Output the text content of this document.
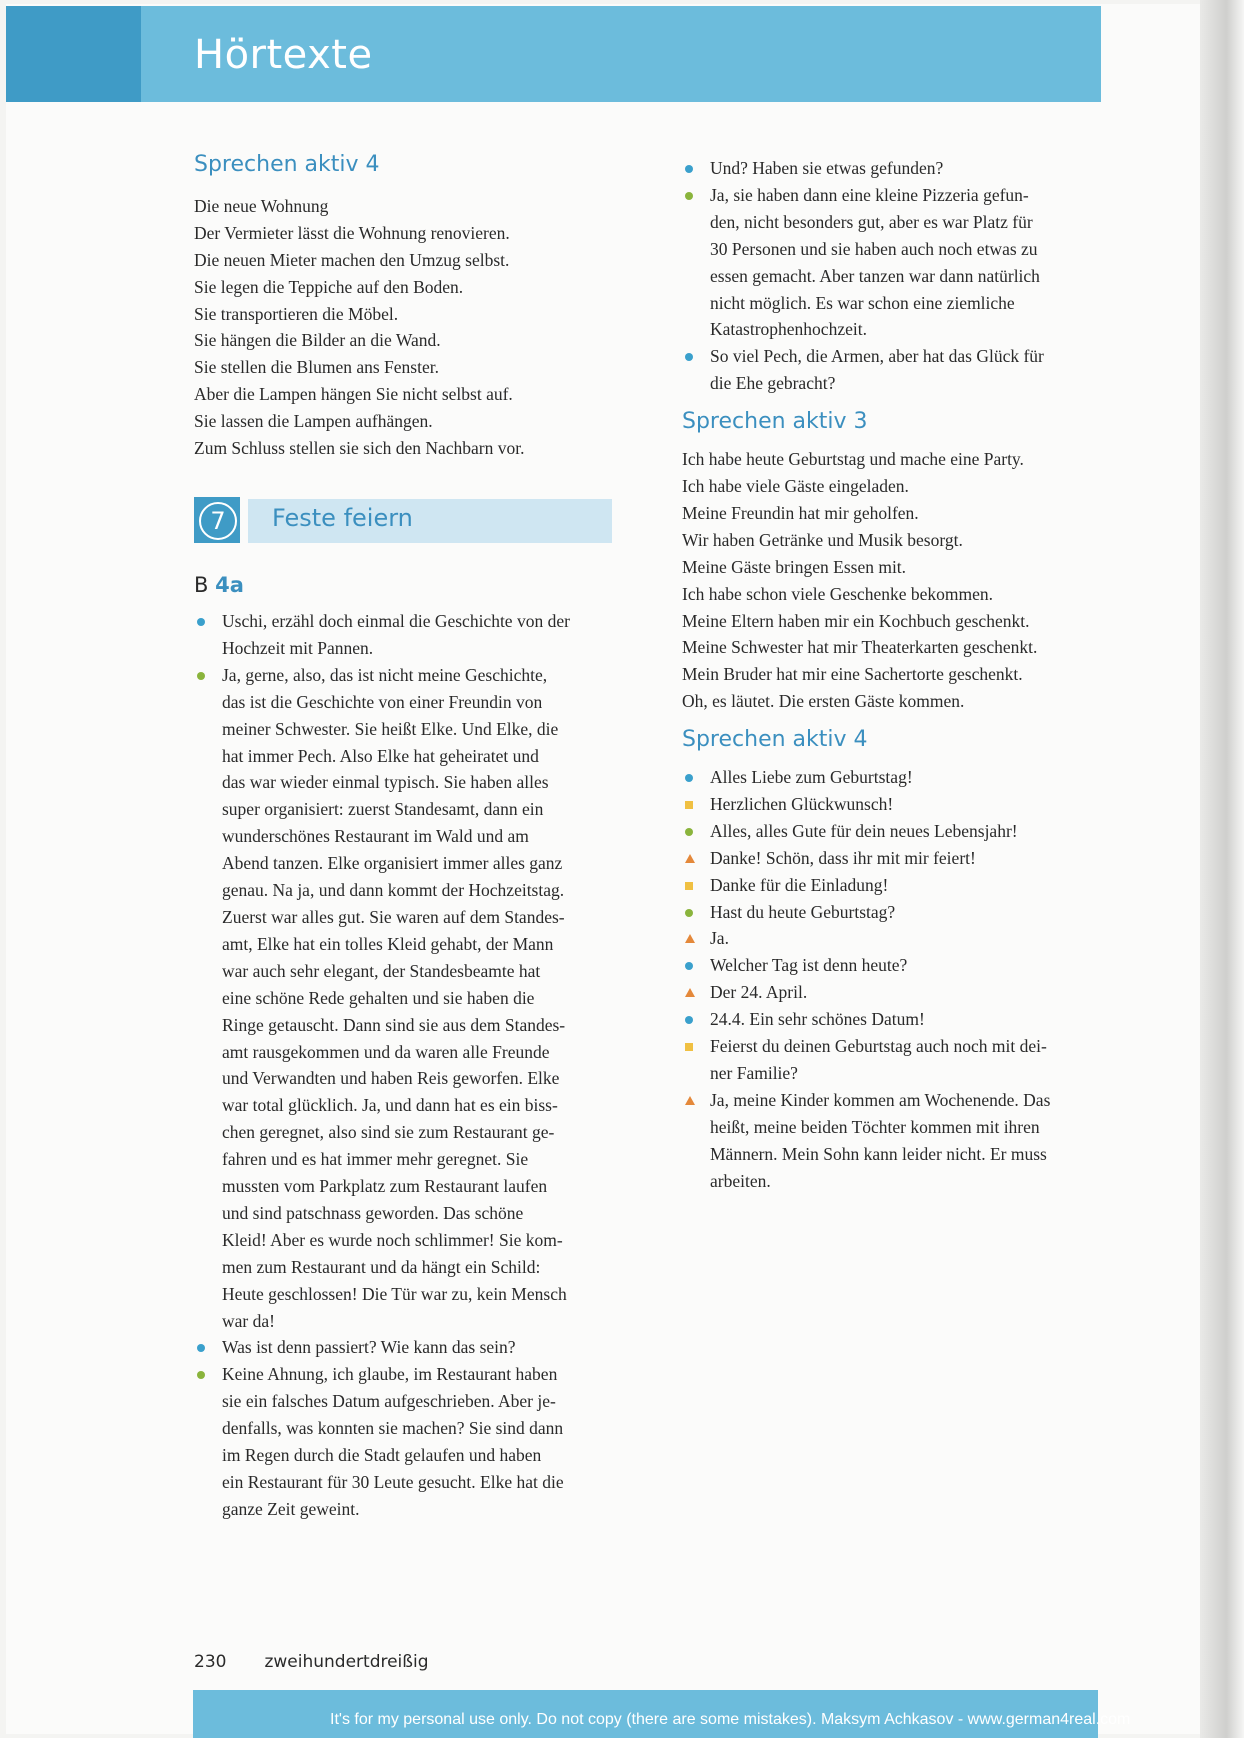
Hörtexte
Sprechen aktiv 4
Die neue Wohnung
Der Vermieter lässt die Wohnung renovieren.
Die neuen Mieter machen den Umzug selbst.
Sie legen die Teppiche auf den Boden.
Sie transportieren die Möbel.
Sie hängen die Bilder an die Wand.
Sie stellen die Blumen ans Fenster.
Aber die Lampen hängen Sie nicht selbst auf.
Sie lassen die Lampen aufhängen.
Zum Schluss stellen sie sich den Nachbarn vor.
7	Feste feiern
B 4a
Uschi, erzähl doch einmal die Geschichte von der
Hochzeit mit Pannen.
Ja, gerne, also, das ist nicht meine Geschichte,
das ist die Geschichte von einer Freundin von
meiner Schwester. Sie heißt Elke. Und Elke, die
hat immer Pech. Also Elke hat geheiratet und
das war wieder einmal typisch. Sie haben alles
super organisiert: zuerst Standesamt, dann ein
wunderschönes Restaurant im Wald und am
Abend tanzen. Elke organisiert immer alles ganz
genau. Na ja, und dann kommt der Hochzeitstag.
Zuerst war alles gut. Sie waren auf dem Standes-
amt, Elke hat ein tolles Kleid gehabt, der Mann
war auch sehr elegant, der Standesbeamte hat
eine schöne Rede gehalten und sie haben die
Ringe getauscht. Dann sind sie aus dem Standes-
amt rausgekommen und da waren alle Freunde
und Verwandten und haben Reis geworfen. Elke
war total glücklich. Ja, und dann hat es ein biss-
chen geregnet, also sind sie zum Restaurant ge-
fahren und es hat immer mehr geregnet. Sie
mussten vom Parkplatz zum Restaurant laufen
und sind patschnass geworden. Das schöne
Kleid! Aber es wurde noch schlimmer! Sie kom-
men zum Restaurant und da hängt ein Schild:
Heute geschlossen! Die Tür war zu, kein Mensch
war da!
Was ist denn passiert? Wie kann das sein?
Keine Ahnung, ich glaube, im Restaurant haben
sie ein falsches Datum aufgeschrieben. Aber je-
denfalls, was konnten sie machen? Sie sind dann
im Regen durch die Stadt gelaufen und haben
ein Restaurant für 30 Leute gesucht. Elke hat die
ganze Zeit geweint.
Und? Haben sie etwas gefunden?
Ja, sie haben dann eine kleine Pizzeria gefun-
den, nicht besonders gut, aber es war Platz für
30 Personen und sie haben auch noch etwas zu
essen gemacht. Aber tanzen war dann natürlich
nicht möglich. Es war schon eine ziemliche
Katastrophenhochzeit.
So viel Pech, die Armen, aber hat das Glück für
die Ehe gebracht?
Sprechen aktiv 3
Ich habe heute Geburtstag und mache eine Party.
Ich habe viele Gäste eingeladen.
Meine Freundin hat mir geholfen.
Wir haben Getränke und Musik besorgt.
Meine Gäste bringen Essen mit.
Ich habe schon viele Geschenke bekommen.
Meine Eltern haben mir ein Kochbuch geschenkt.
Meine Schwester hat mir Theaterkarten geschenkt.
Mein Bruder hat mir eine Sachertorte geschenkt.
Oh, es läutet. Die ersten Gäste kommen.
Sprechen aktiv 4
Alles Liebe zum Geburtstag!
Herzlichen Glückwunsch!
Alles, alles Gute für dein neues Lebensjahr!
Danke! Schön, dass ihr mit mir feiert!
Danke für die Einladung!
Hast du heute Geburtstag?
Ja.
Welcher Tag ist denn heute?
Der 24. April.
24.4. Ein sehr schönes Datum!
Feierst du deinen Geburtstag auch noch mit dei-
ner Familie?
Ja, meine Kinder kommen am Wochenende. Das
heißt, meine beiden Töchter kommen mit ihren
Männern. Mein Sohn kann leider nicht. Er muss
arbeiten.
230 zweihundertdreißig
It's for my personal use only. Do not copy (there are some mistakes). Maksym Achkasov - www.german4real.com
